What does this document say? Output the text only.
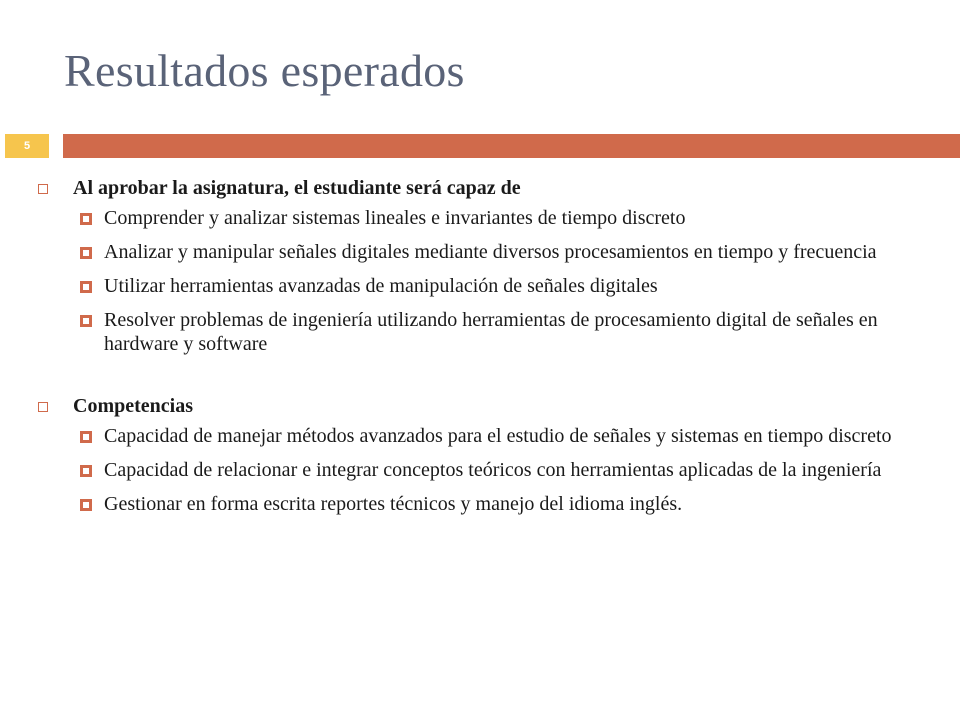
Resultados esperados
5
Al aprobar la asignatura, el estudiante será capaz de
Comprender y analizar sistemas lineales e invariantes de tiempo discreto
Analizar y manipular señales digitales mediante diversos procesamientos en tiempo y frecuencia
Utilizar herramientas avanzadas de manipulación de señales digitales
Resolver problemas de ingeniería utilizando herramientas de procesamiento digital de señales en hardware y software
Competencias
Capacidad de manejar métodos avanzados para el estudio de señales y sistemas en tiempo discreto
Capacidad de relacionar e integrar conceptos teóricos con herramientas aplicadas de la ingeniería
Gestionar en forma escrita reportes técnicos y manejo del idioma inglés.
